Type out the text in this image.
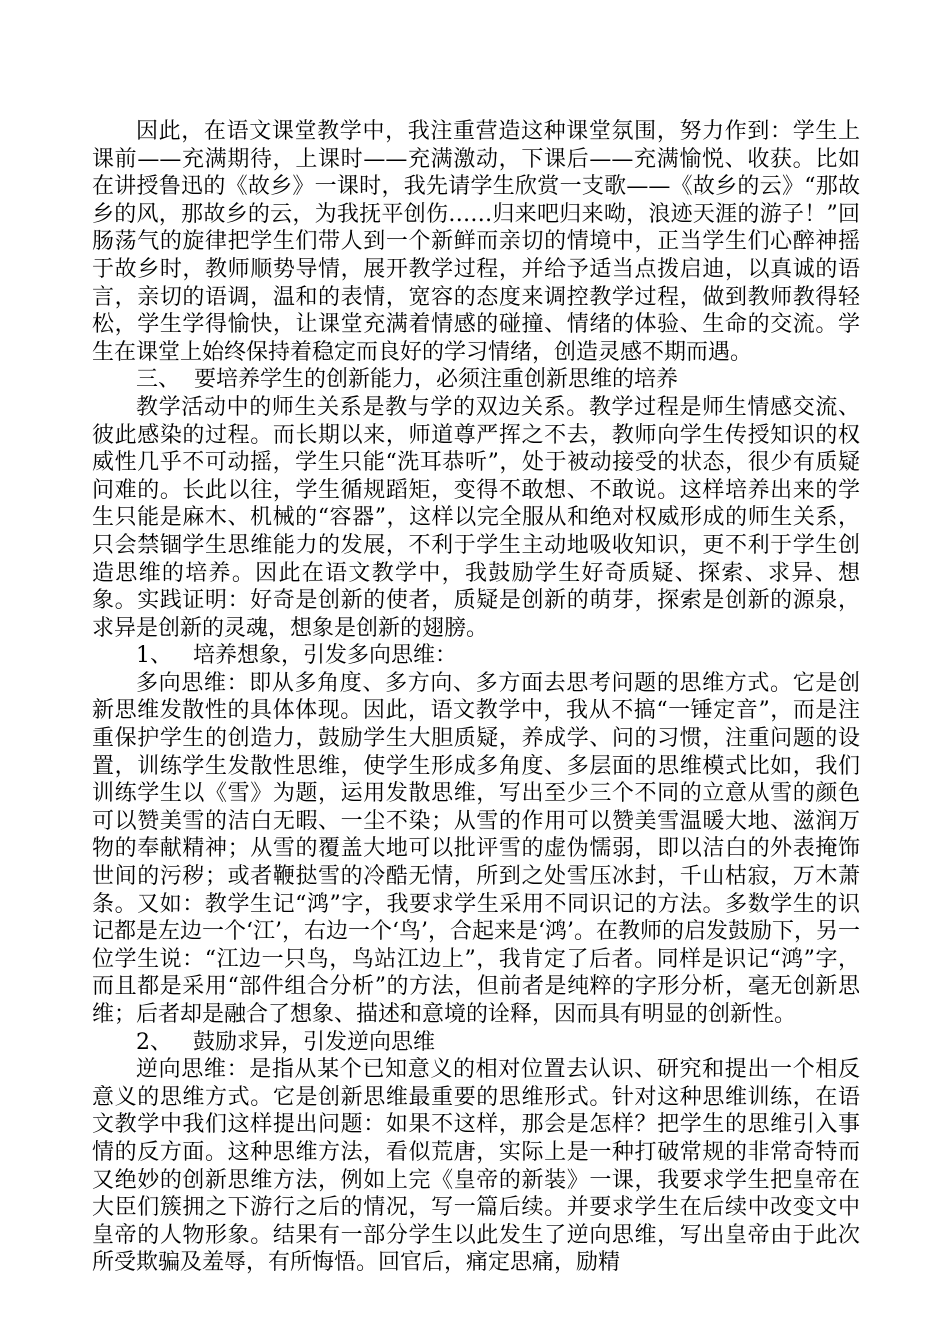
因此，在语文课堂教学中，我注重营造这种课堂氛围，努力作到：学生上课前——充满期待，上课时——充满激动，下课后——充满愉悦、收获。比如在讲授鲁迅的《故乡》一课时，我先请学生欣赏一支歌——《故乡的云》“那故乡的风，那故乡的云，为我抚平创伤……归来吧归来呦，浪迹天涯的游子！”回肠荡气的旋律把学生们带人到一个新鲜而亲切的情境中，正当学生们心醉神摇于故乡时，教师顺势导情，展开教学过程，并给予适当点拨启迪，以真诚的语言，亲切的语调，温和的表情，宽容的态度来调控教学过程，做到教师教得轻松，学生学得愉快，让课堂充满着情感的碰撞、情绪的体验、生命的交流。学生在课堂上始终保持着稳定而良好的学习情绪，创造灵感不期而遇。

三、  要培养学生的创新能力，必须注重创新思维的培养

教学活动中的师生关系是教与学的双边关系。教学过程是师生情感交流、彼此感染的过程。而长期以来，师道尊严挥之不去，教师向学生传授知识的权威性几乎不可动摇，学生只能“洗耳恭听”，处于被动接受的状态，很少有质疑问难的。长此以往，学生循规蹈矩，变得不敢想、不敢说。这样培养出来的学生只能是麻木、机械的“容器”，这样以完全服从和绝对权威形成的师生关系，只会禁锢学生思维能力的发展，不利于学生主动地吸收知识，更不利于学生创造思维的培养。因此在语文教学中，我鼓励学生好奇质疑、探索、求异、想象。实践证明：好奇是创新的使者，质疑是创新的萌芽，探索是创新的源泉，求异是创新的灵魂，想象是创新的翅膀。

1、   培养想象，引发多向思维：

多向思维：即从多角度、多方向、多方面去思考问题的思维方式。它是创新思维发散性的具体体现。因此，语文教学中，我从不搞“一锤定音”，而是注重保护学生的创造力，鼓励学生大胆质疑，养成学、问的习惯，注重问题的设置，训练学生发散性思维，使学生形成多角度、多层面的思维模式比如，我们训练学生以《雪》为题，运用发散思维，写出至少三个不同的立意从雪的颜色可以赞美雪的洁白无暇、一尘不染；从雪的作用可以赞美雪温暖大地、滋润万物的奉献精神；从雪的覆盖大地可以批评雪的虚伪懦弱，即以洁白的外表掩饰世间的污秽；或者鞭挞雪的冷酷无情，所到之处雪压冰封，千山枯寂，万木萧条。又如：教学生记“鸿”字，我要求学生采用不同识记的方法。多数学生的识记都是左边一个‘江’，右边一个‘鸟’，合起来是‘鸿’。在教师的启发鼓励下，另一位学生说：“江边一只鸟，鸟站江边上”，我肯定了后者。同样是识记“鸿”字，而且都是采用“部件组合分析”的方法，但前者是纯粹的字形分析，毫无创新思维；后者却是融合了想象、描述和意境的诠释，因而具有明显的创新性。

2、   鼓励求异，引发逆向思维

逆向思维：是指从某个已知意义的相对位置去认识、研究和提出一个相反意义的思维方式。它是创新思维最重要的思维形式。针对这种思维训练，在语文教学中我们这样提出问题：如果不这样，那会是怎样？把学生的思维引入事情的反方面。这种思维方法，看似荒唐，实际上是一种打破常规的非常奇特而又绝妙的创新思维方法，例如上完《皇帝的新装》一课，我要求学生把皇帝在大臣们簇拥之下游行之后的情况，写一篇后续。并要求学生在后续中改变文中皇帝的人物形象。结果有一部分学生以此发生了逆向思维，写出皇帝由于此次所受欺骗及羞辱，有所悔悟。回官后，痛定思痛，励精
